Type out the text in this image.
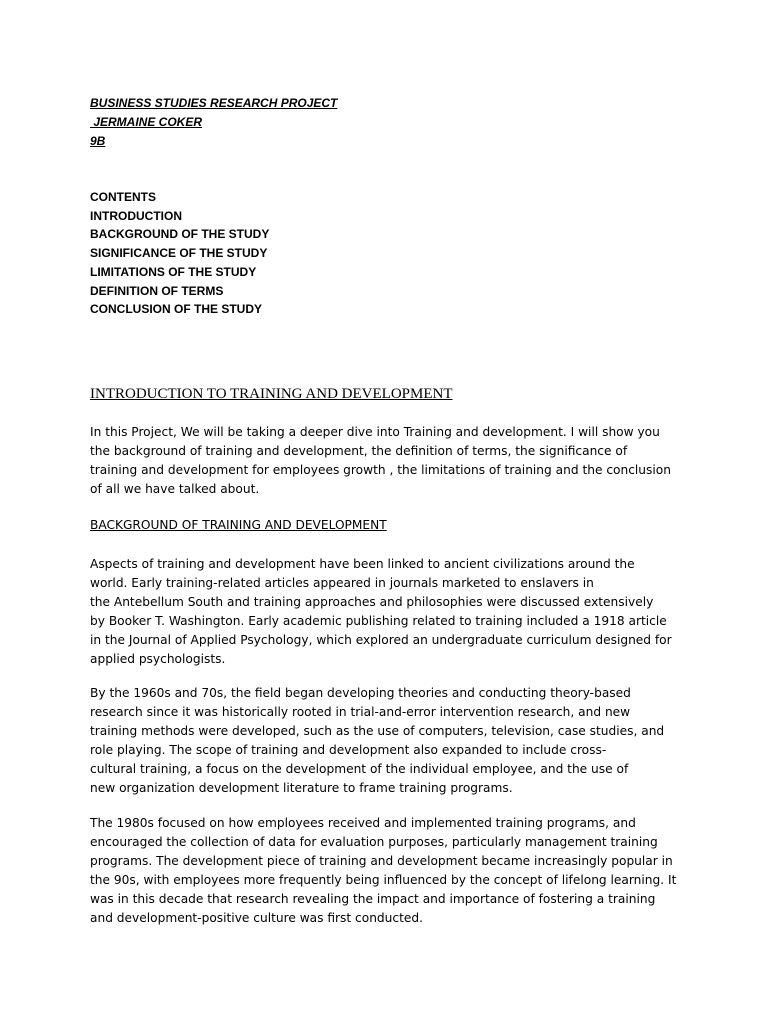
BUSINESS STUDIES RESEARCH PROJECT
JERMAINE COKER
9B
CONTENTS
INTRODUCTION
BACKGROUND OF THE STUDY
SIGNIFICANCE OF THE STUDY
LIMITATIONS OF THE STUDY
DEFINITION OF TERMS
CONCLUSION OF THE STUDY
INTRODUCTION TO TRAINING AND DEVELOPMENT
In this Project, We will be taking a deeper dive into Training and development. I will show you
the background of training and development, the definition of terms, the significance of
training and development for employees growth , the limitations of training and the conclusion
of all we have talked about.
BACKGROUND OF TRAINING AND DEVELOPMENT
Aspects of training and development have been linked to ancient civilizations around the
world. Early training-related articles appeared in journals marketed to enslavers in
the Antebellum South and training approaches and philosophies were discussed extensively
by Booker T. Washington. Early academic publishing related to training included a 1918 article
in the Journal of Applied Psychology, which explored an undergraduate curriculum designed for
applied psychologists.
By the 1960s and 70s, the field began developing theories and conducting theory-based
research since it was historically rooted in trial-and-error intervention research, and new
training methods were developed, such as the use of computers, television, case studies, and
role playing. The scope of training and development also expanded to include cross-
cultural training, a focus on the development of the individual employee, and the use of
new organization development literature to frame training programs.
The 1980s focused on how employees received and implemented training programs, and
encouraged the collection of data for evaluation purposes, particularly management training
programs. The development piece of training and development became increasingly popular in
the 90s, with employees more frequently being influenced by the concept of lifelong learning. It
was in this decade that research revealing the impact and importance of fostering a training
and development-positive culture was first conducted.
